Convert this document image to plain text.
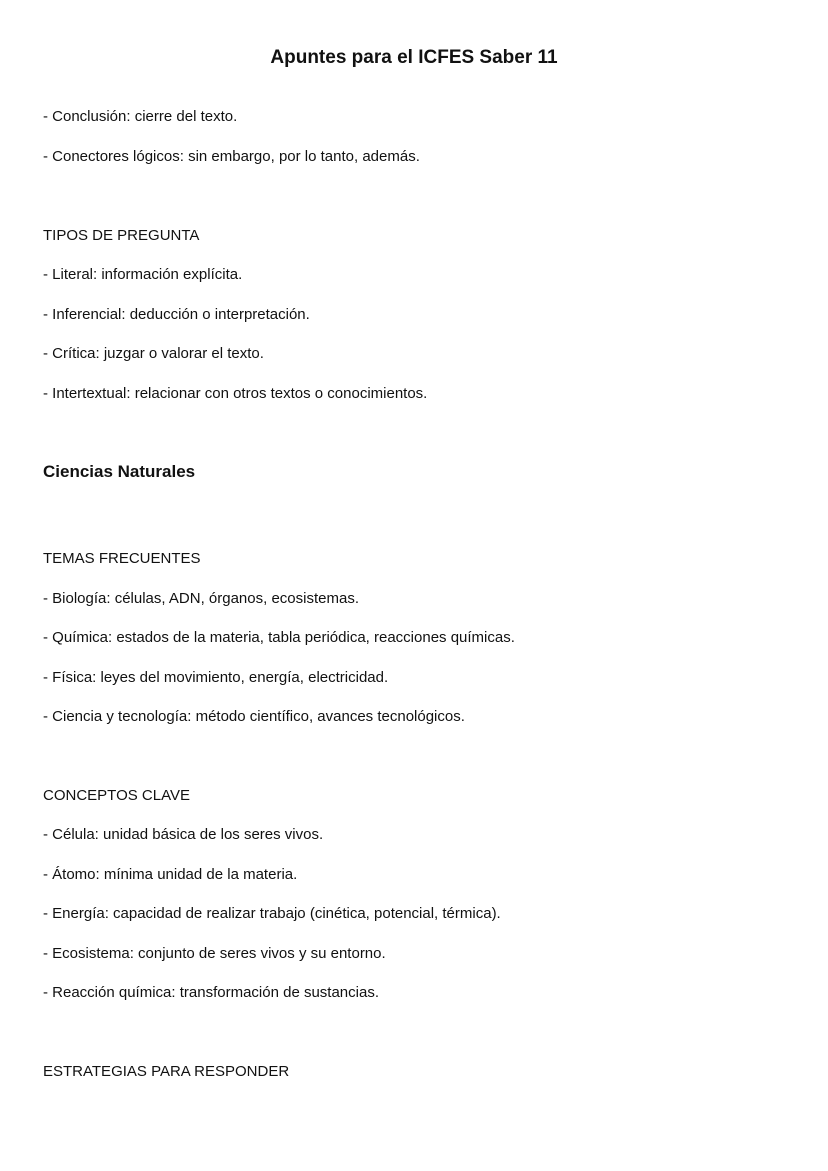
Apuntes para el ICFES Saber 11

- Conclusión: cierre del texto.

- Conectores lógicos: sin embargo, por lo tanto, además.

TIPOS DE PREGUNTA

- Literal: información explícita.

- Inferencial: deducción o interpretación.

- Crítica: juzgar o valorar el texto.

- Intertextual: relacionar con otros textos o conocimientos.

Ciencias Naturales

TEMAS FRECUENTES

- Biología: células, ADN, órganos, ecosistemas.

- Química: estados de la materia, tabla periódica, reacciones químicas.

- Física: leyes del movimiento, energía, electricidad.

- Ciencia y tecnología: método científico, avances tecnológicos.

CONCEPTOS CLAVE

- Célula: unidad básica de los seres vivos.

- Átomo: mínima unidad de la materia.

- Energía: capacidad de realizar trabajo (cinética, potencial, térmica).

- Ecosistema: conjunto de seres vivos y su entorno.

- Reacción química: transformación de sustancias.

ESTRATEGIAS PARA RESPONDER
